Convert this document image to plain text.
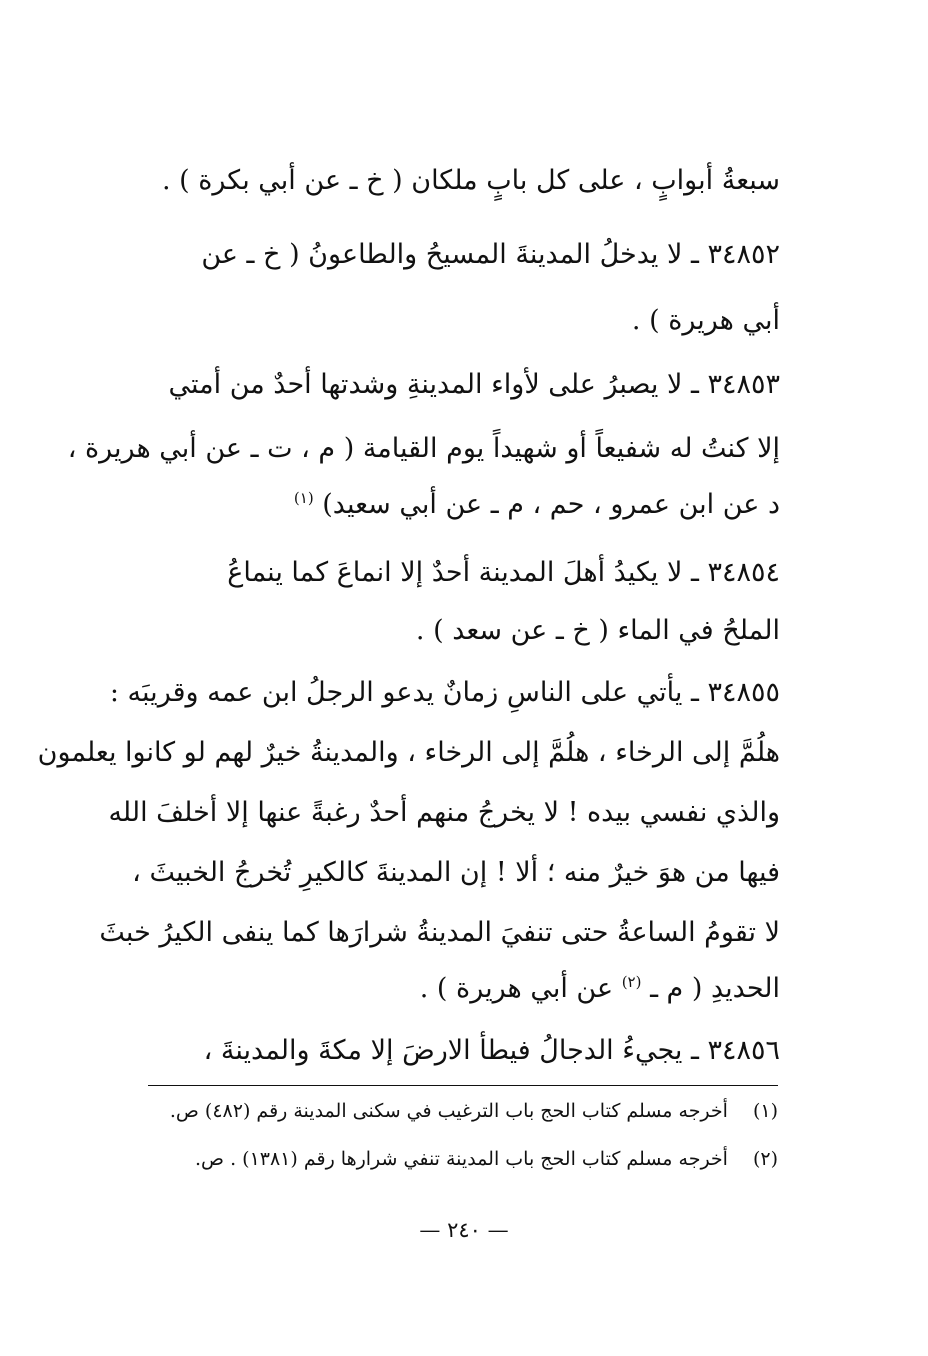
سبعةُ أبوابٍ ، على كل بابٍ ملكان ( خ ـ عن أبي بكرة ) .
٣٤٨٥٢ ـ لا يدخلُ المدينةَ المسيحُ والطاعونُ ( خ ـ عن
أبي هريرة ) .
٣٤٨٥٣ ـ لا يصبرُ على لأواء المدينةِ وشدتها أحدٌ من أمتي
إلا كنتُ له شفيعاً أو شهيداً يوم القيامة ( م ، ت ـ عن أبي هريرة ،
د عن ابن عمرو ، حم ، م ـ عن أبي سعيد) $^{(١)}$
٣٤٨٥٤ ـ لا يكيدُ أهلَ المدينة أحدٌ إلا انماعَ كما ينماعُ
الملحُ في الماء ( خ ـ عن سعد ) .
٣٤٨٥٥ ـ يأتي على الناسِ زمانٌ يدعو الرجلُ ابن عمه وقريبَه :
هلُمَّ إلى الرخاء ، هلُمَّ إلى الرخاء ، والمدينةُ خيرٌ لهم لو كانوا يعلمون
والذي نفسي بيده ! لا يخرجُ منهم أحدٌ رغبةً عنها إلا أخلفَ الله
فيها من هوَ خيرٌ منه ؛ ألا ! إن المدينةَ كالكيرِ تُخرجُ الخبيثَ ،
لا تقومُ الساعةُ حتى تنفيَ المدينةُ شرارَها كما ينفى الكيرُ خبثَ
الحديدِ ( م ـ $^{(٢)}$ عن أبي هريرة ) .
٣٤٨٥٦ ـ يجيءُ الدجالُ فيطأ الارضَ إلا مكةَ والمدينةَ ،
(١) أخرجه مسلم كتاب الحج باب الترغيب في سكنى المدينة رقم (٤٨٢) ص.
(٢) أخرجه مسلم كتاب الحج باب المدينة تنفي شرارها رقم (١٣٨١) . ص.
— ٢٤٠ —
